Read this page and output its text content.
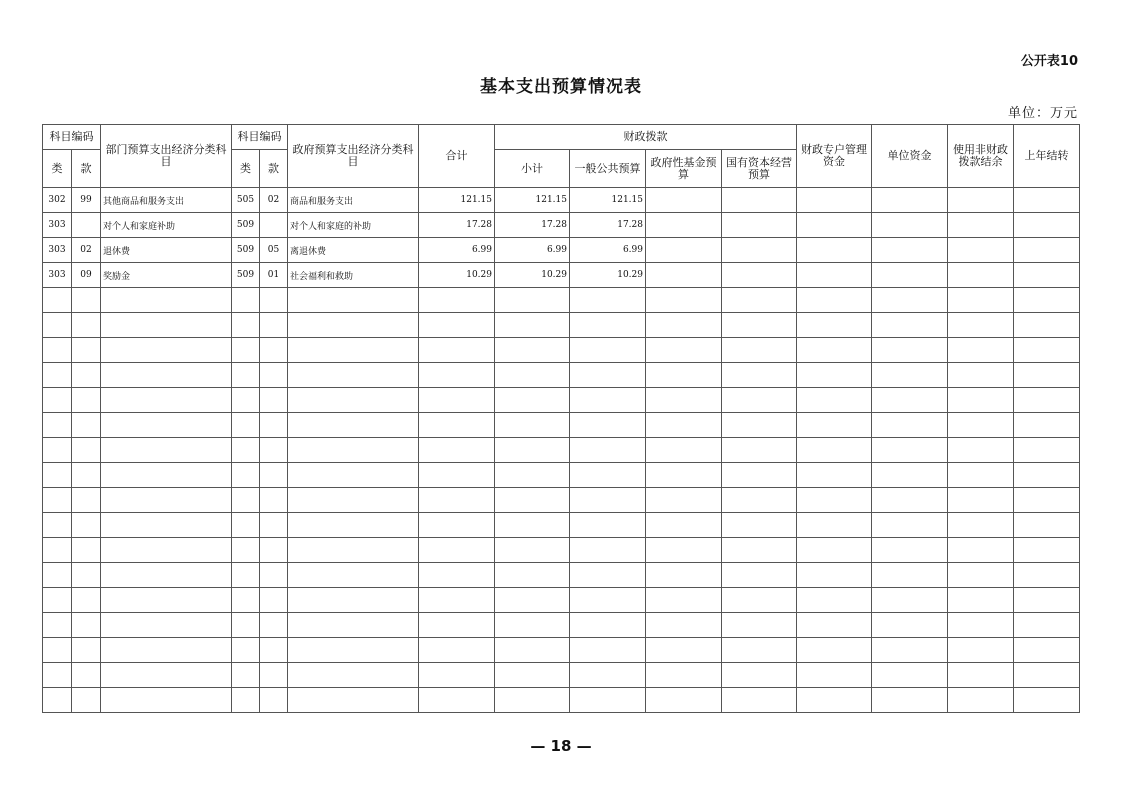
公开表10
基本支出预算情况表
单位：万元
科目编码		部门预算支出经济分类科目	科目编码		政府预算支出经济分类科目	合计	财政拨款				财政专户管理资金	单位资金	使用非财政拨款结余	上年结转
类	款		类	款			小计	一般公共预算	政府性基金预算	国有资本经营预算				
302	99	其他商品和服务支出	505	02	商品和服务支出	121.15	121.15	121.15						
303		对个人和家庭补助	509		对个人和家庭的补助	17.28	17.28	17.28						
303	02	退休费	509	05	离退休费	6.99	6.99	6.99						
303	09	奖励金	509	01	社会福利和救助	10.29	10.29	10.29						

— 18 —
